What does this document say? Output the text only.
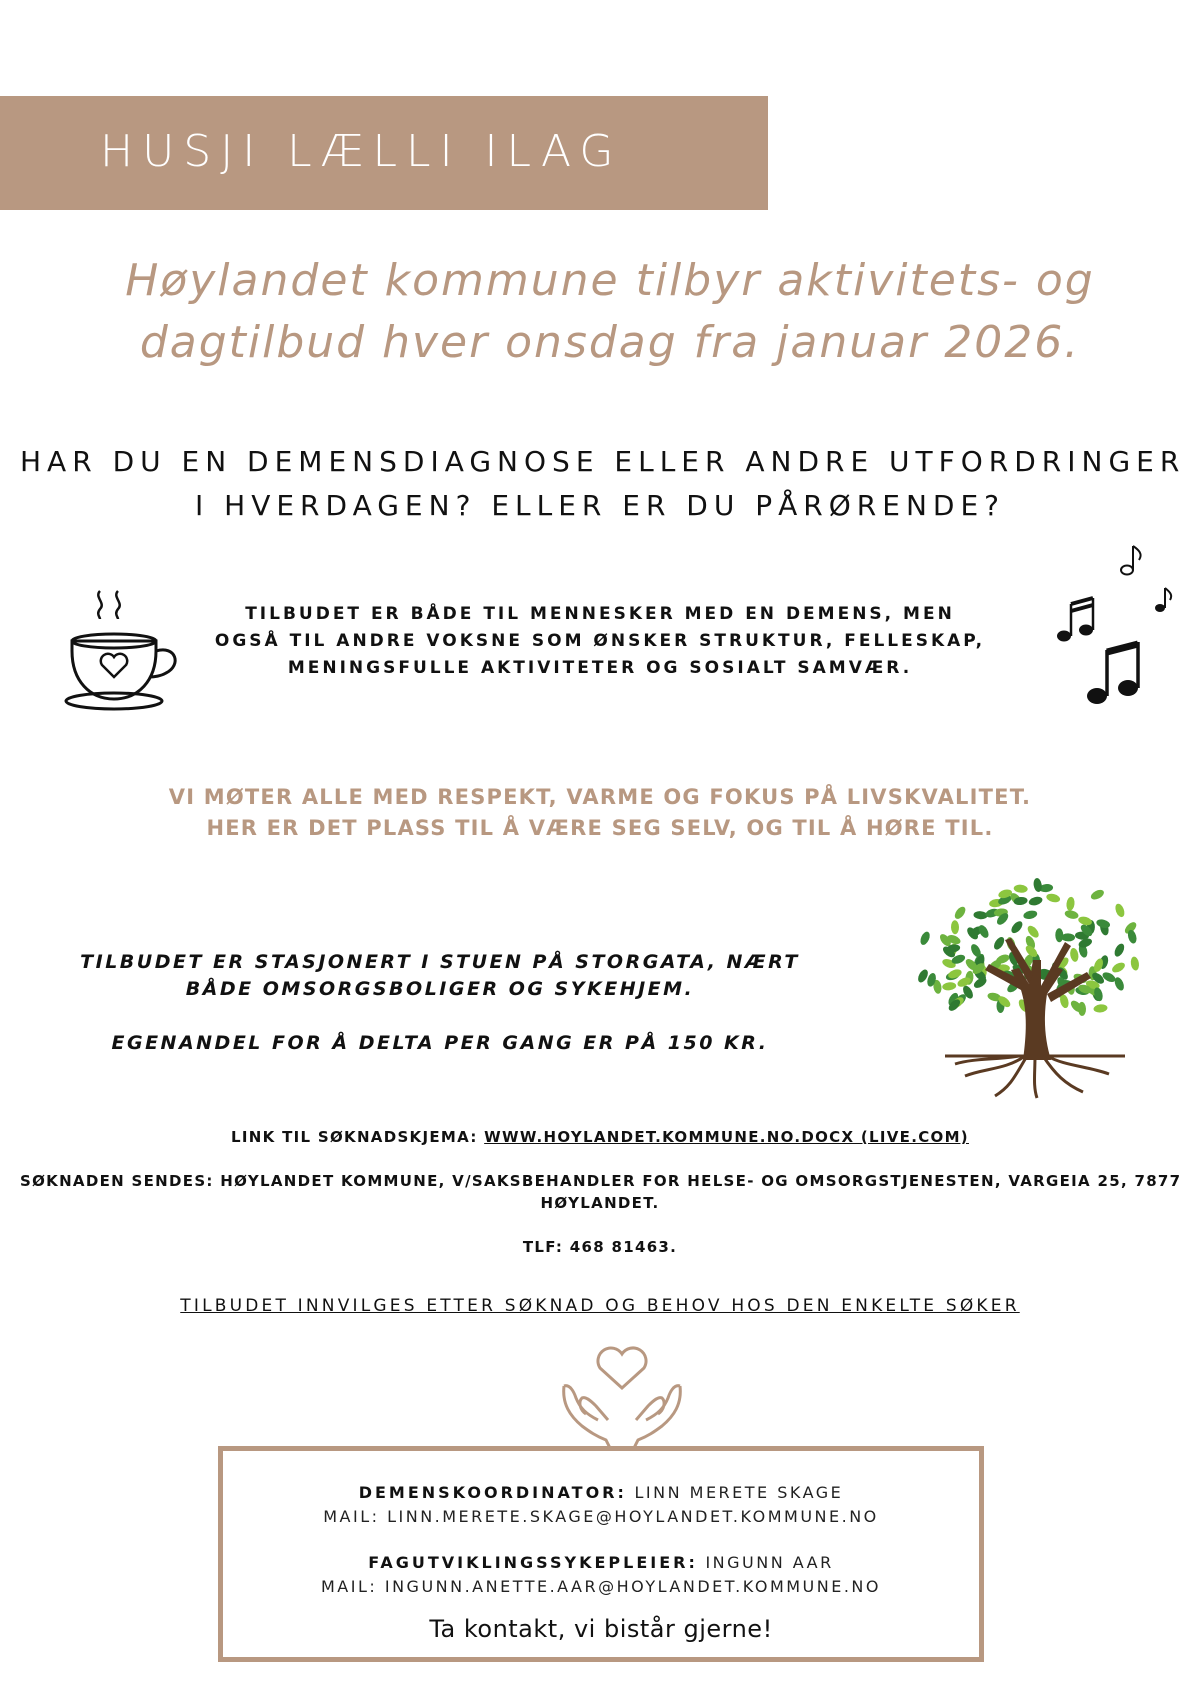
HUSJI LÆLLI ILAG
Høylandet kommune tilbyr aktivitets- og
dagtilbud hver onsdag fra januar 2026.
HAR DU EN DEMENSDIAGNOSE ELLER ANDRE UTFORDRINGER
I HVERDAGEN? ELLER ER DU PÅRØRENDE?
TILBUDET ER BÅDE TIL MENNESKER MED EN DEMENS, MEN
OGSÅ TIL ANDRE VOKSNE SOM ØNSKER STRUKTUR, FELLESKAP,
MENINGSFULLE AKTIVITETER OG SOSIALT SAMVÆR.
VI MØTER ALLE MED RESPEKT, VARME OG FOKUS PÅ LIVSKVALITET.
HER ER DET PLASS TIL Å VÆRE SEG SELV, OG TIL Å HØRE TIL.
TILBUDET ER STASJONERT I STUEN PÅ STORGATA, NÆRT
BÅDE OMSORGSBOLIGER OG SYKEHJEM.
EGENANDEL FOR Å DELTA PER GANG ER PÅ 150 KR.
LINK TIL SØKNADSKJEMA: WWW.HOYLANDET.KOMMUNE.NO.DOCX (LIVE.COM)
SØKNADEN SENDES: HØYLANDET KOMMUNE, V/SAKSBEHANDLER FOR HELSE- OG OMSORGSTJENESTEN, VARGEIA 25, 7877
HØYLANDET.
TLF: 468 81463.
TILBUDET INNVILGES ETTER SØKNAD OG BEHOV HOS DEN ENKELTE SØKER
DEMENSKOORDINATOR: LINN MERETE SKAGE
MAIL: LINN.MERETE.SKAGE@HOYLANDET.KOMMUNE.NO
FAGUTVIKLINGSSYKEPLEIER: INGUNN AAR
MAIL: INGUNN.ANETTE.AAR@HOYLANDET.KOMMUNE.NO
Ta kontakt, vi bistår gjerne!
